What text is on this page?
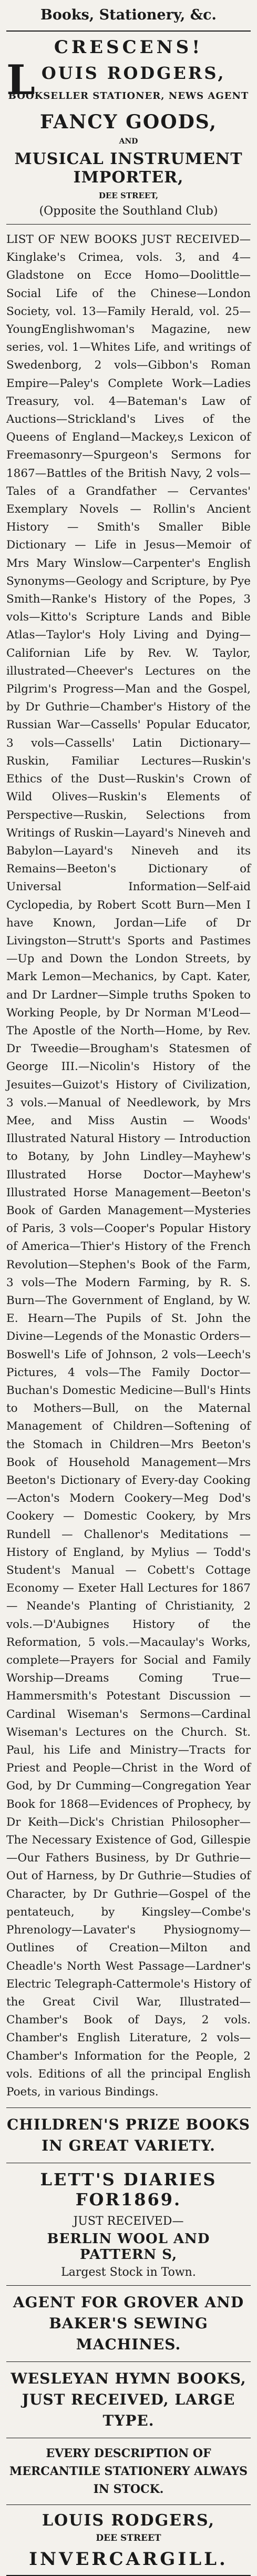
Books, Stationery, &c.
CRESCENS!
L OUIS RODGERS,
BOOKSELLER STATIONER, NEWS AGENT
FANCY GOODS,
AND
MUSICAL INSTRUMENT IMPORTER,
DEE STREET,
(Opposite the Southland Club)

LIST OF NEW BOOKS JUST RECEIVED—Kinglake's Crimea, vols. 3, and 4—Gladstone on Ecce Homo—Doolittle—Social Life of the Chinese—London Society, vol. 13—Family Herald, vol. 25—YoungEnglishwoman's Magazine, new series, vol. 1—Whites Life, and writings of Swedenborg, 2 vols—Gibbon's Roman Empire—Paley's Complete Work—Ladies Treasury, vol. 4—Bateman's Law of Auctions—Strickland's Lives of the Queens of England—Mackey,s Lexicon of Freemasonry—Spurgeon's Sermons for 1867—Battles of the British Navy, 2 vols—Tales of a Grandfather — Cervantes' Exemplary Novels — Rollin's Ancient History — Smith's Smaller Bible Dictionary — Life in Jesus—Memoir of Mrs Mary Winslow—Carpenter's English Synonyms—Geology and Scripture, by Pye Smith—Ranke's History of the Popes, 3 vols—Kitto's Scripture Lands and Bible Atlas—Taylor's Holy Living and Dying—Californian Life by Rev. W. Taylor, illustrated—Cheever's Lectures on the Pilgrim's Progress—Man and the Gospel, by Dr Guthrie—Chamber's History of the Russian War—Cassells' Popular Educator, 3 vols—Cassells' Latin Dictionary—Ruskin, Familiar Lectures—Ruskin's Ethics of the Dust—Ruskin's Crown of Wild Olives—Ruskin's Elements of Perspective—Ruskin, Selections from Writings of Ruskin—Layard's Nineveh and Babylon—Layard's Nineveh and its Remains—Beeton's Dictionary of Universal Information—Self-aid Cyclopedia, by Robert Scott Burn—Men I have Known, Jordan—Life of Dr Livingston—Strutt's Sports and Pastimes—Up and Down the London Streets, by Mark Lemon—Mechanics, by Capt. Kater, and Dr Lardner—Simple truths Spoken to Working People, by Dr Norman M'Leod—The Apostle of the North—Home, by Rev. Dr Tweedie—Brougham's Statesmen of George III.—Nicolin's History of the Jesuites—Guizot's History of Civilization, 3 vols.—Manual of Needlework, by Mrs Mee, and Miss Austin — Woods' Illustrated Natural History — Introduction to Botany, by John Lindley—Mayhew's Illustrated Horse Doctor—Mayhew's Illustrated Horse Management—Beeton's Book of Garden Management—Mysteries of Paris, 3 vols—Cooper's Popular History of America—Thier's History of the French Revolution—Stephen's Book of the Farm, 3 vols—The Modern Farming, by R. S. Burn—The Government of England, by W. E. Hearn—The Pupils of St. John the Divine—Legends of the Monastic Orders—Boswell's Life of Johnson, 2 vols—Leech's Pictures, 4 vols—The Family Doctor—Buchan's Domestic Medicine—Bull's Hints to Mothers—Bull, on the Maternal Management of Children—Softening of the Stomach in Children—Mrs Beeton's Book of Household Management—Mrs Beeton's Dictionary of Every-day Cooking—Acton's Modern Cookery—Meg Dod's Cookery — Domestic Cookery, by Mrs Rundell — Challenor's Meditations — History of England, by Mylius — Todd's Student's Manual — Cobett's Cottage Economy — Exeter Hall Lectures for 1867 — Neande's Planting of Christianity, 2 vols.—D'Aubignes History of the Reformation, 5 vols.—Macaulay's Works, complete—Prayers for Social and Family Worship—Dreams Coming True—Hammersmith's Potestant Discussion — Cardinal Wiseman's Sermons—Cardinal Wiseman's Lectures on the Church. St. Paul, his Life and Ministry—Tracts for Priest and People—Christ in the Word of God, by Dr Cumming—Congregation Year Book for 1868—Evidences of Prophecy, by Dr Keith—Dick's Christian Philosopher—The Necessary Existence of God, Gillespie—Our Fathers Business, by Dr Guthrie—Out of Harness, by Dr Guthrie—Studies of Character, by Dr Guthrie—Gospel of the pentateuch, by Kingsley—Combe's Phrenology—Lavater's Physiognomy—Outlines of Creation—Milton and Cheadle's North West Passage—Lardner's Electric Telegraph-Cattermole's History of the Great Civil War, Illustrated—Chamber's Book of Days, 2 vols. Chamber's English Literature, 2 vols—Chamber's Information for the People, 2 vols. Editions of all the principal English Poets, in various Bindings.

CHILDREN'S PRIZE BOOKS IN GREAT VARIETY.
LETT'S DIARIES FOR1869.
JUST RECEIVED—
BERLIN WOOL AND PATTERN S,
Largest Stock in Town.
AGENT FOR GROVER AND BAKER'S SEWING MACHINES.
WESLEYAN HYMN BOOKS, JUST RECEIVED, LARGE TYPE.
EVERY DESCRIPTION OF MERCANTILE STATIONERY ALWAYS IN STOCK.
LOUIS RODGERS,
DEE STREET
INVERCARGILL.
